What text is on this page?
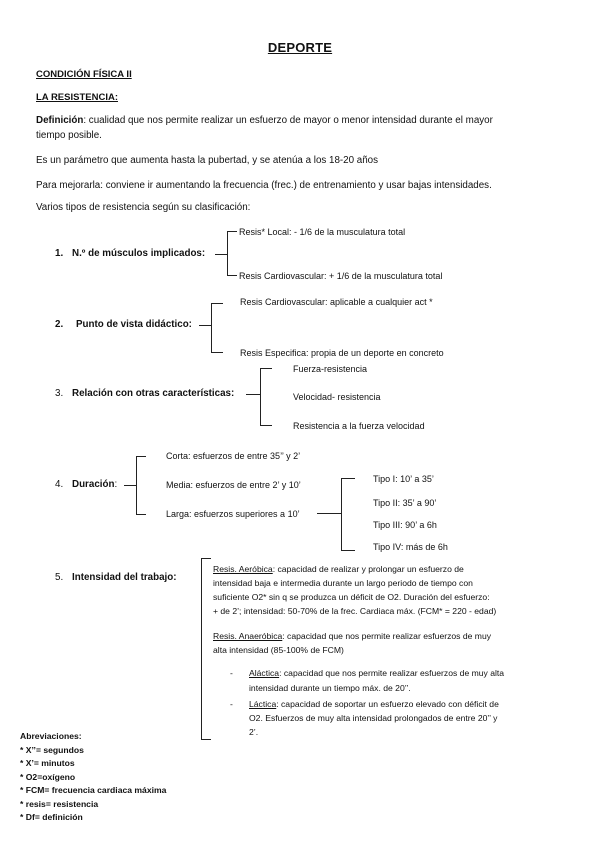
DEPORTE
CONDICIÓN FÍSICA II
LA RESISTENCIA:
Definición: cualidad que nos permite realizar un esfuerzo de mayor o menor intensidad durante el mayor
tiempo posible.
Es un parámetro que aumenta hasta la pubertad, y se atenúa a los 18-20 años
Para mejorarla: conviene ir aumentando la frecuencia (frec.) de entrenamiento y usar bajas intensidades.
Varios tipos de resistencia según su clasificación:
1. N.º de músculos implicados:
Resis* Local: - 1/6 de la musculatura total
Resis Cardiovascular: + 1/6 de la musculatura total
2. Punto de vista didáctico:
Resis Cardiovascular: aplicable a cualquier act *
Resis Especifica: propia de un deporte en concreto
3. Relación con otras características:
Fuerza-resistencia
Velocidad- resistencia
Resistencia a la fuerza velocidad
4. Duración:
Corta: esfuerzos de entre 35’’ y 2’
Media: esfuerzos de entre 2’ y 10’
Larga: esfuerzos superiores a 10’
Tipo I: 10’ a 35’
Tipo II: 35’ a 90’
Tipo III: 90’ a 6h
Tipo IV: más de 6h
5. Intensidad del trabajo:
Resis. Aeróbica: capacidad de realizar y prolongar un esfuerzo de
intensidad baja e intermedia durante un largo periodo de tiempo con
suficiente O2* sin q se produzca un déficit de O2. Duración del esfuerzo:
+ de 2’; intensidad: 50-70% de la frec. Cardiaca máx. (FCM* = 220 - edad)
Resis. Anaeróbica: capacidad que nos permite realizar esfuerzos de muy
alta intensidad (85-100% de FCM)
- Aláctica: capacidad que nos permite realizar esfuerzos de muy alta
intensidad durante un tiempo máx. de 20’’.
- Láctica: capacidad de soportar un esfuerzo elevado con déficit de
O2. Esfuerzos de muy alta intensidad prolongados de entre 20’’ y
2’.
Abreviaciones:
* X’’= segundos
* X’= minutos
* O2=oxígeno
* FCM= frecuencia cardiaca máxima
* resis= resistencia
* Df= definición
